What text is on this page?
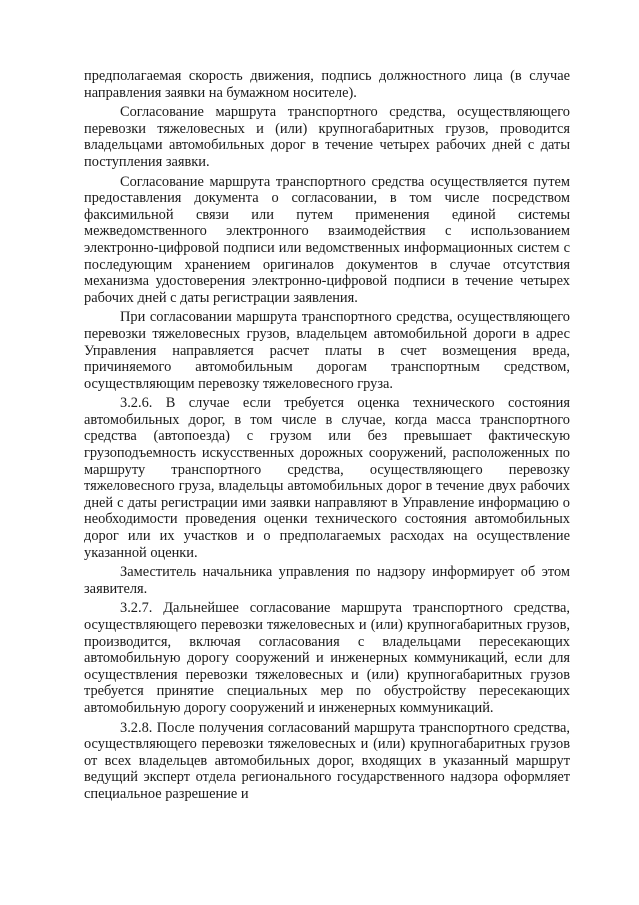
предполагаемая скорость движения, подпись должностного лица (в случае направления заявки на бумажном носителе).

Согласование маршрута транспортного средства, осуществляющего перевозки тяжеловесных и (или) крупногабаритных грузов, проводится владельцами автомобильных дорог в течение четырех рабочих дней с даты поступления заявки.

Согласование маршрута транспортного средства осуществляется путем предоставления документа о согласовании, в том числе посредством факсимильной связи или путем применения единой системы межведомственного электронного взаимодействия с использованием электронно-цифровой подписи или ведомственных информационных систем с последующим хранением оригиналов документов в случае отсутствия механизма удостоверения электронно-цифровой подписи в течение четырех рабочих дней с даты регистрации заявления.

При согласовании маршрута транспортного средства, осуществляющего перевозки тяжеловесных грузов, владельцем автомобильной дороги в адрес Управления направляется расчет платы в счет возмещения вреда, причиняемого автомобильным дорогам транспортным средством, осуществляющим перевозку тяжеловесного груза.

3.2.6. В случае если требуется оценка технического состояния автомобильных дорог, в том числе в случае, когда масса транспортного средства (автопоезда) с грузом или без превышает фактическую грузоподъемность искусственных дорожных сооружений, расположенных по маршруту транспортного средства, осуществляющего перевозку тяжеловесного груза, владельцы автомобильных дорог в течение двух рабочих дней с даты регистрации ими заявки направляют в Управление информацию о необходимости проведения оценки технического состояния автомобильных дорог или их участков и о предполагаемых расходах на осуществление указанной оценки.

Заместитель начальника управления по надзору информирует об этом заявителя.

3.2.7. Дальнейшее согласование маршрута транспортного средства, осуществляющего перевозки тяжеловесных и (или) крупногабаритных грузов, производится, включая согласования с владельцами пересекающих автомобильную дорогу сооружений и инженерных коммуникаций, если для осуществления перевозки тяжеловесных и (или) крупногабаритных грузов требуется принятие специальных мер по обустройству пересекающих автомобильную дорогу сооружений и инженерных коммуникаций.

3.2.8. После получения согласований маршрута транспортного средства, осуществляющего перевозки тяжеловесных и (или) крупногабаритных грузов от всех владельцев автомобильных дорог, входящих в указанный маршрут ведущий эксперт отдела регионального государственного надзора оформляет специальное разрешение и
